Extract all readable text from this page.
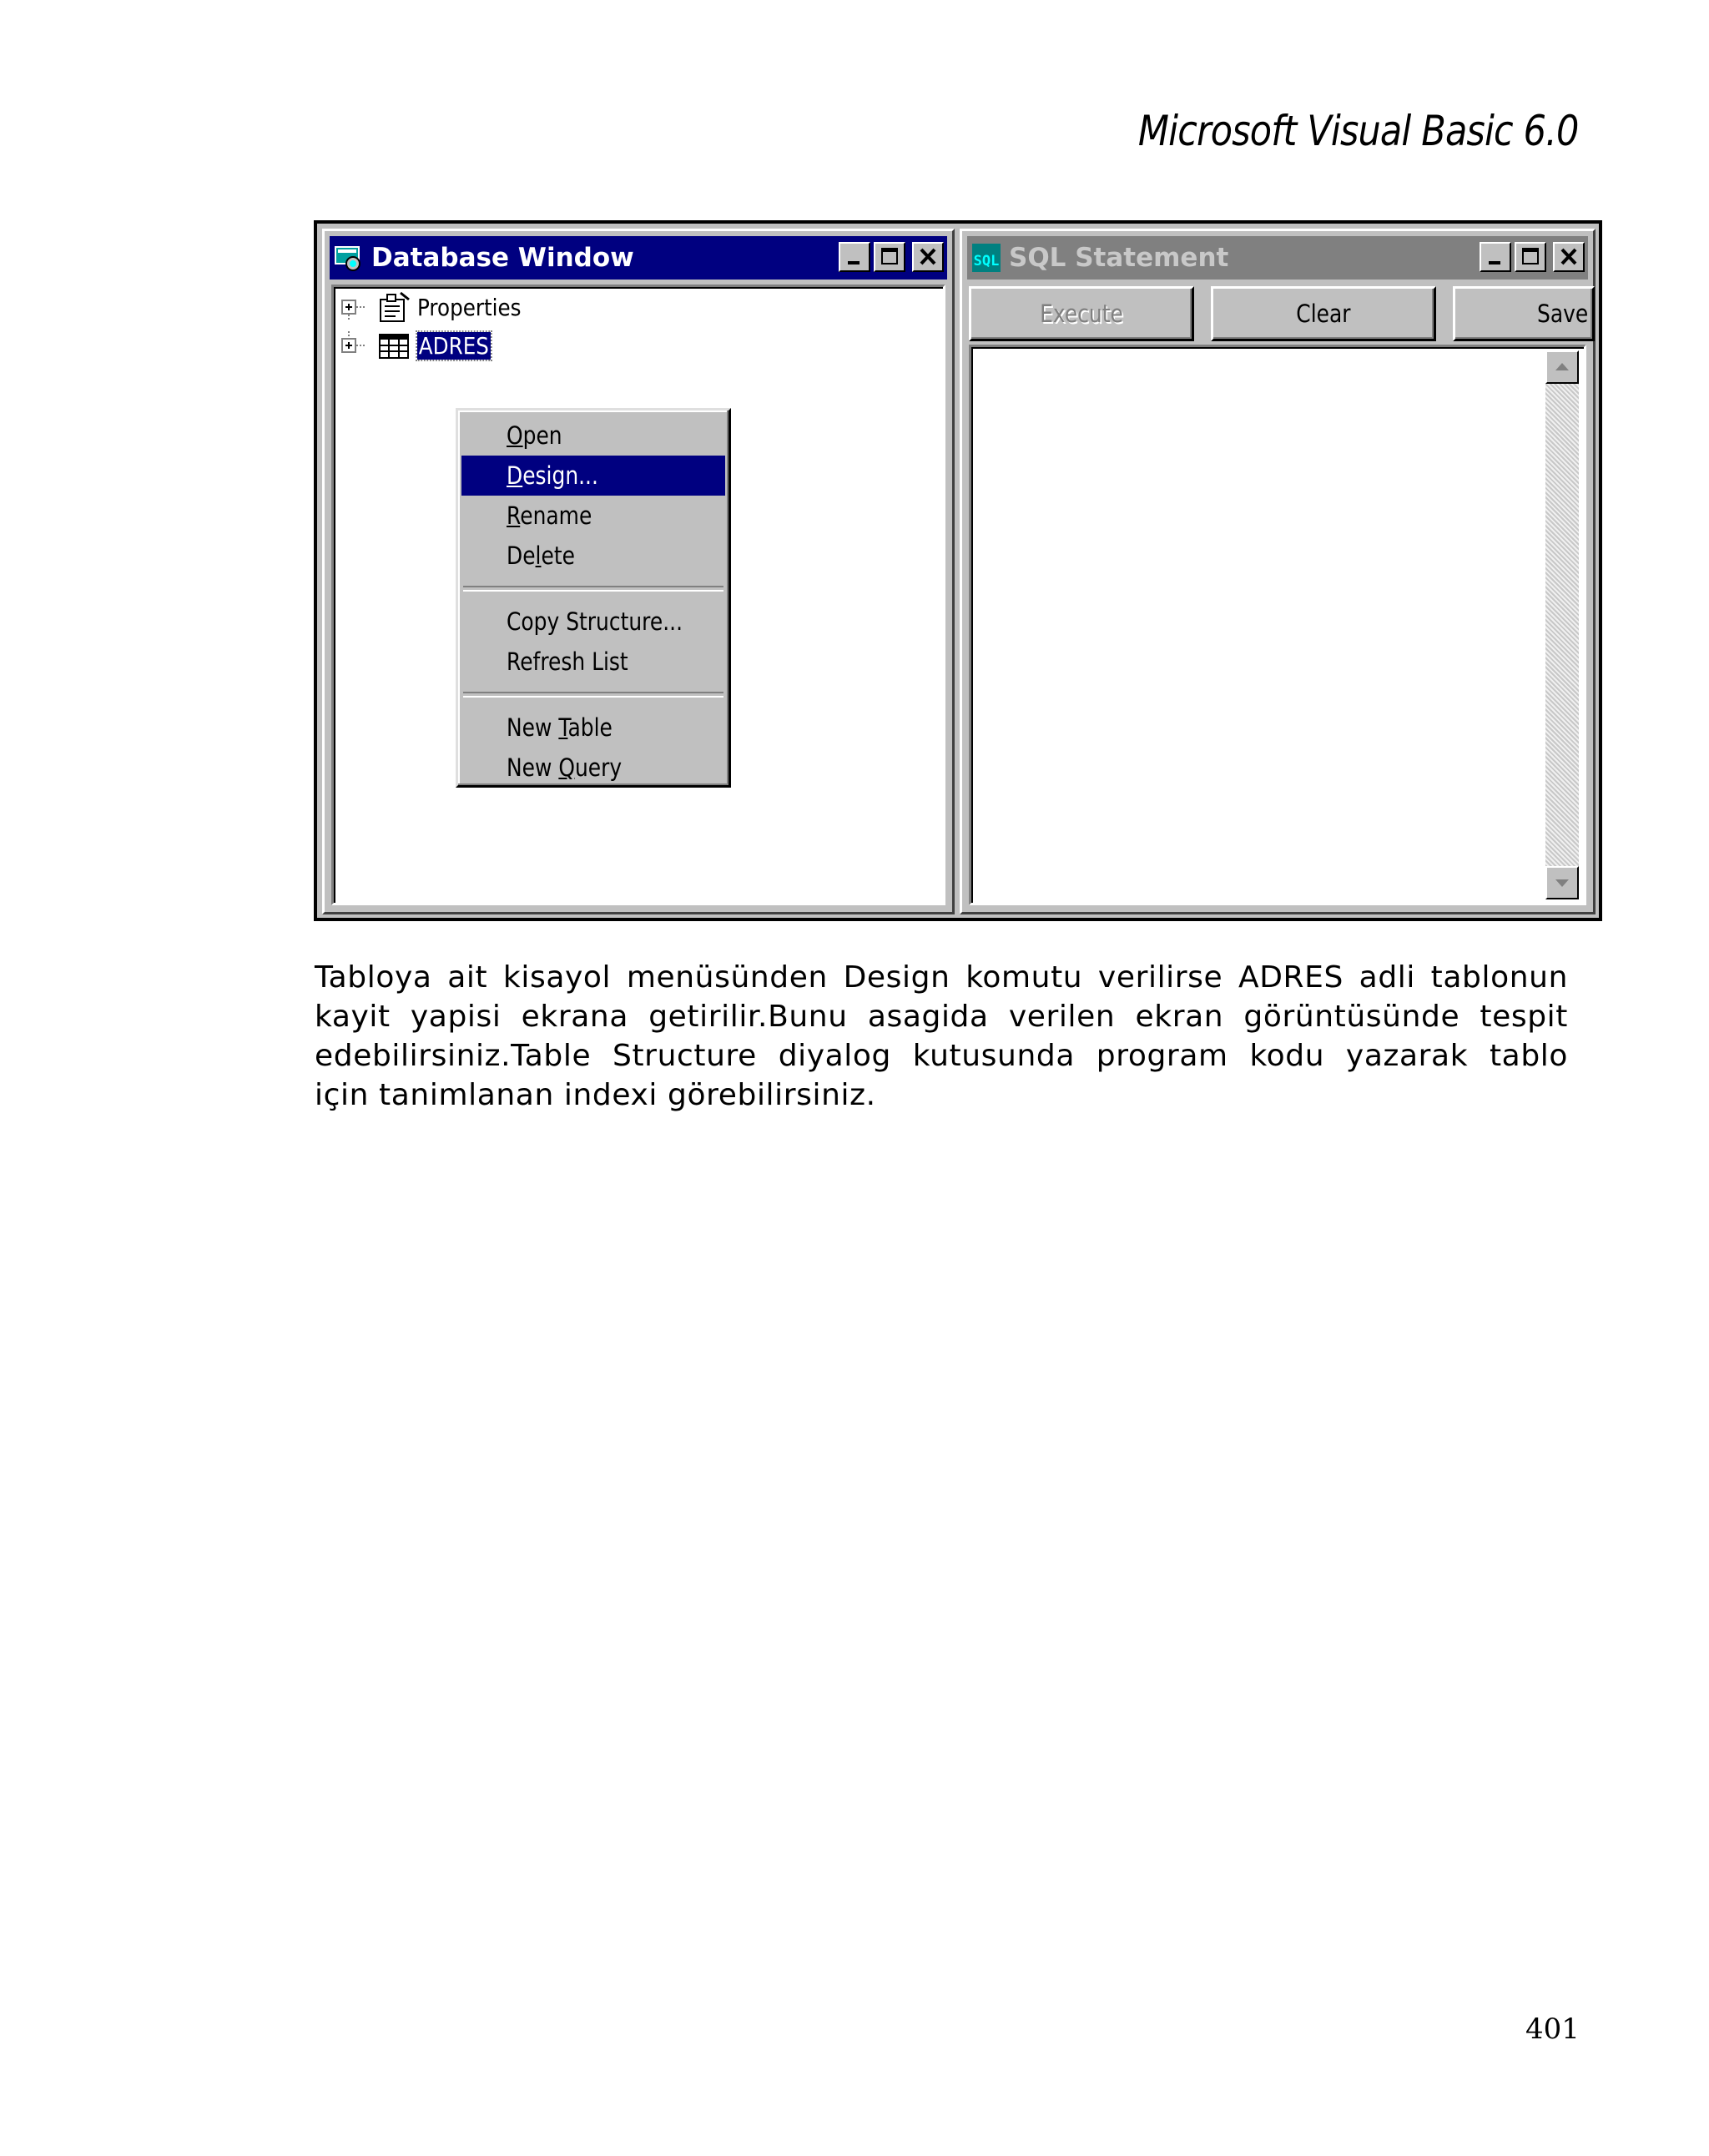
Microsoft Visual Basic 6.0
Database Window
Properties
ADRES
Open
Design...
Rename
Delete
Copy Structure...
Refresh List
New Table
New Query
SQL SQL Statement
Execute	Clear	Save
Tabloya ait kisayol menüsünden Design komutu verilirse ADRES adli tablonun
kayit yapisi ekrana getirilir.Bunu asagida verilen ekran görüntüsünde tespit
edebilirsiniz.Table Structure diyalog kutusunda program kodu yazarak tablo
için tanimlanan indexi görebilirsiniz.
401
